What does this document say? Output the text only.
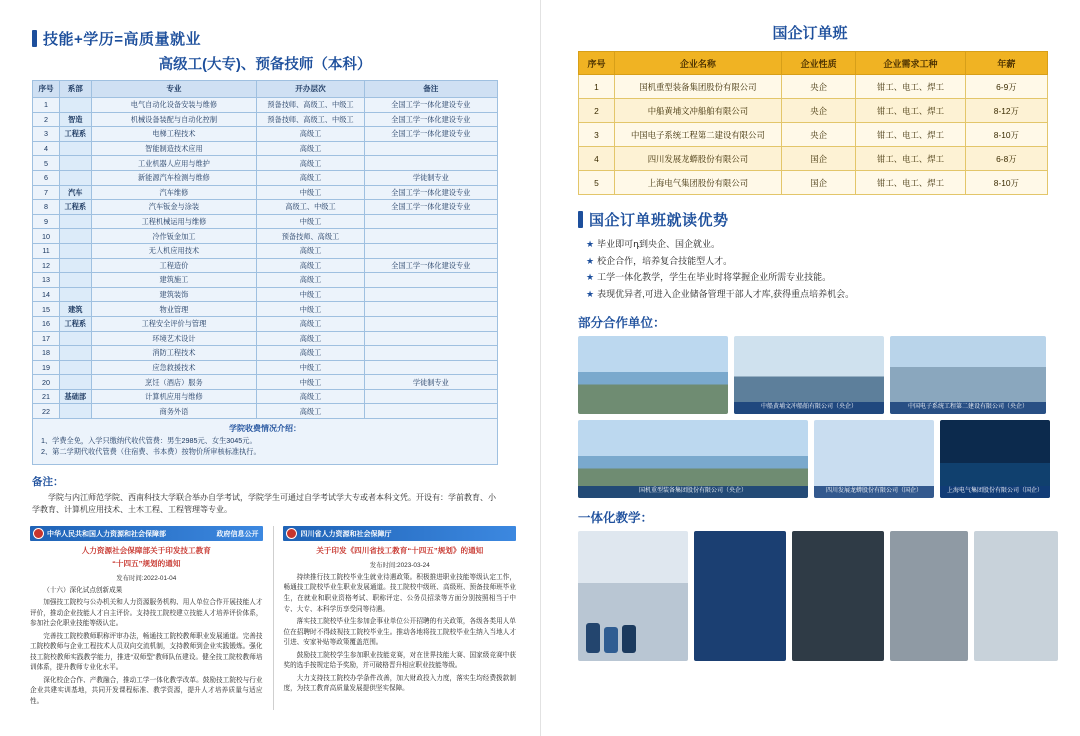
技能+学历=高质量就业
高级工(大专)、预备技师（本科）
序号	系部	专业	开办层次	备注
1		电气自动化设备安装与维修	预备技师、高级工、中级工	全国工学一体化建设专业
2	智造	机械设备装配与自动化控制	预备技师、高级工、中级工	全国工学一体化建设专业
3	工程系	电梯工程技术	高级工	全国工学一体化建设专业
4		智能制造技术应用	高级工	
5		工业机器人应用与维护	高级工	
6		新能源汽车检测与维修	高级工	学徒制专业
7	汽车	汽车维修	中级工	全国工学一体化建设专业
8	工程系	汽车钣金与涂装	高级工、中级工	全国工学一体化建设专业
9		工程机械运用与维修	中级工	
10		冷作钣金加工	预备技师、高级工	
11		无人机应用技术	高级工	
12		工程造价	高级工	全国工学一体化建设专业
13		建筑施工	高级工	
14		建筑装饰	中级工	
15	建筑	物业管理	中级工	
16	工程系	工程安全评价与管理	高级工	
17		环境艺术设计	高级工	
18		消防工程技术	高级工	
19		应急救援技术	中级工	
20		烹饪（酒店）服务	中级工	学徒制专业
21	基础部	计算机应用与维修	高级工	
22		商务外语	高级工	
学院收费情况介绍：

1、学费全免，入学只缴纳代收代管费：男生2985元、女生3045元。

2、第二学期代收代管费（住宿费、书本费）按物价所审核标准执行。

备注：
学院与内江师范学院、西南科技大学联合举办自学考试，学院学生可通过自学考试学大专或者本科文凭。开设有：学前教育、小学教育、计算机应用技术、土木工程、工程管理等专业。
中华人民共和国人力资源和社会保障部	政府信息公开
人力资源社会保障部关于印发技工教育
“十四五”规划的通知
发布时间:2022-01-04

（十六）深化试点创新成果

加强技工院校与公办机关和人力资源服务机构、用人单位合作开展技能人才评价，推动企业技能人才自主评价。支持技工院校建立技能人才培养评价体系，参加社会化职业技能等级认定。

完善技工院校教师职称评审办法，畅通技工院校教师职业发展通道。完善技工院校教师与企业工程技术人员双向交流机制，支持教师到企业实践锻炼。强化技工院校教师实践教学能力，推进“双师型”教师队伍建设。健全技工院校教师培训体系，提升教师专业化水平。

深化校企合作、产教融合，推动工学一体化教学改革。鼓励技工院校与行业企业共建实训基地，共同开发课程标准、教学资源，提升人才培养质量与适应性。

四川省人力资源和社会保障厅
关于印发《四川省技工教育“十四五”规划》的通知
发布时间:2023-03-24

持续推行技工院校毕业生就业待遇政策。积极推进职业技能等级认定工作，畅通技工院校毕业生职业发展通道。技工院校中级班、高级班、预备技师班毕业生，在就业和职业资格考试、职称评定、公务员招录等方面分别按照相当于中专、大专、本科学历享受同等待遇。

落实技工院校毕业生参加企事业单位公开招聘的有关政策，各级各类用人单位在招聘时不得歧视技工院校毕业生。推动各地将技工院校毕业生纳入当地人才引进、安家补贴等政策覆盖范围。

鼓励技工院校学生参加职业技能竞赛，对在世界技能大赛、国家级竞赛中获奖的选手按规定给予奖励，并可破格晋升相应职业技能等级。

大力支持技工院校办学条件改善，加大财政投入力度，落实生均经费拨款制度，为技工教育高质量发展提供坚实保障。

国企订单班
序号	企业名称	企业性质	企业需求工种	年薪
1	国机重型装备集团股份有限公司	央企	钳工、电工、焊工	6-9万
2	中船黄埔文冲船舶有限公司	央企	钳工、电工、焊工	8-12万
3	中国电子系统工程第二建设有限公司	央企	钳工、电工、焊工	8-10万
4	四川发展龙蟒股份有限公司	国企	钳工、电工、焊工	6-8万
5	上海电气集团股份有限公司	国企	钳工、电工、焊工	8-10万
国企订单班就读优势
★ 毕业即可դ到央企、国企就业。
★ 校企合作，培养复合技能型人才。
★ 工学一体化教学，学生在毕业时将掌握企业所需专业技能。
★ 表现优异者,可进入企业储备管理干部人才库,获得重点培养机会。
部分合作单位：
中船黄埔文冲船舶有限公司（央企）	中国电子系统工程第二建设有限公司（央企）
国机重型装备集团股份有限公司（央企）	四川发展龙蟒股份有限公司（国企）	上海电气集团股份有限公司（国企）
一体化教学：
